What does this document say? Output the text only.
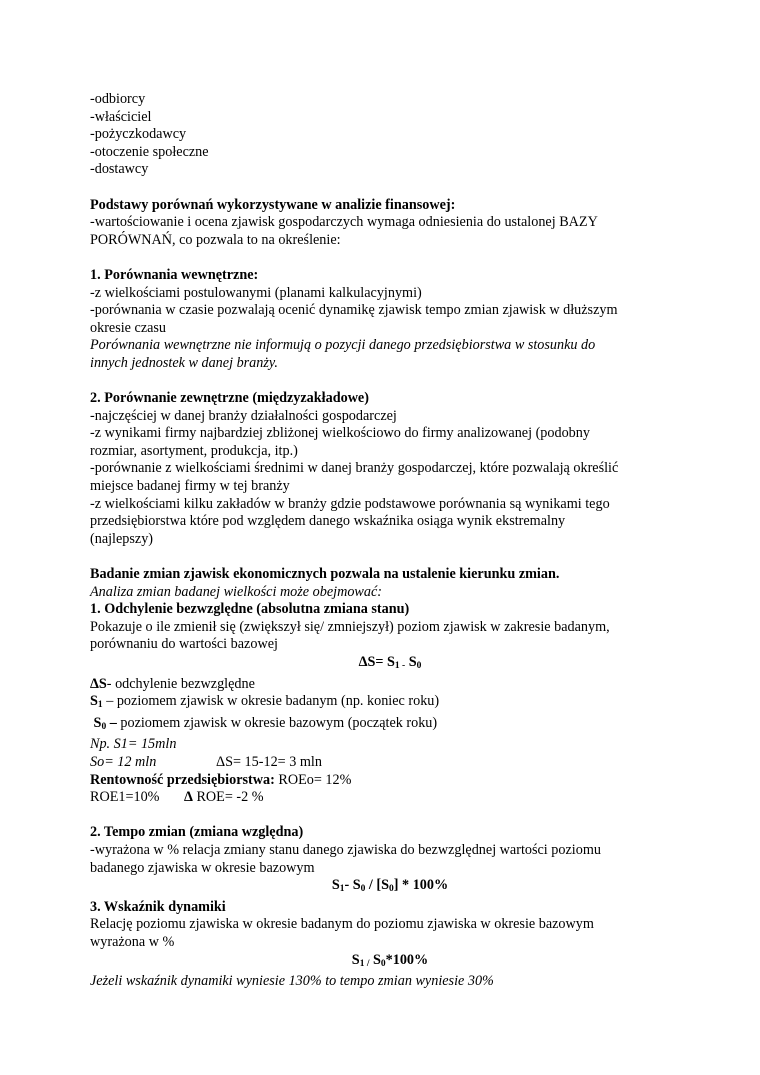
-odbiorcy
-właściciel
-pożyczkodawcy
-otoczenie społeczne
-dostawcy
Podstawy porównań wykorzystywane w analizie finansowej:
-wartościowanie i ocena zjawisk gospodarczych wymaga odniesienia do ustalonej BAZY
PORÓWNAŃ, co pozwala to na określenie:
1. Porównania wewnętrzne:
-z wielkościami postulowanymi (planami kalkulacyjnymi)
-porównania w czasie pozwalają ocenić dynamikę zjawisk tempo zmian zjawisk w dłuższym
okresie czasu
Porównania wewnętrzne nie informują o pozycji danego przedsiębiorstwa w stosunku do
innych jednostek w danej branży.
2. Porównanie zewnętrzne (międzyzakładowe)
-najczęściej w danej branży działalności gospodarczej
-z wynikami firmy najbardziej zbliżonej wielkościowo do firmy analizowanej (podobny
rozmiar, asortyment, produkcja, itp.)
-porównanie z wielkościami średnimi w danej branży gospodarczej, które pozwalają określić
miejsce badanej firmy w tej branży
-z wielkościami kilku zakładów w branży gdzie podstawowe porównania są wynikami tego
przedsiębiorstwa które pod względem danego wskaźnika osiąga wynik ekstremalny
(najlepszy)
Badanie zmian zjawisk ekonomicznych pozwala na ustalenie kierunku zmian.
Analiza zmian badanej wielkości może obejmować:
1. Odchylenie bezwzględne (absolutna zmiana stanu)
Pokazuje o ile zmienił się (zwiększył się/ zmniejszył) poziom zjawisk w zakresie badanym,
porównaniu do wartości bazowej
$\Delta S= S_{1 -}$ $S_0$
ΔS- odchylenie bezwzględne
$S_1$ – poziomem zjawisk w okresie badanym (np. koniec roku)
$S_0$ – poziomem zjawisk w okresie bazowym (początek roku)
Np. S1= 15mln
So= 12 mln	ΔS= 15-12= 3 mln
Rentowność przedsiębiorstwa: ROEo= 12%
ROE1=10% Δ ROE= -2 %
2. Tempo zmian (zmiana względna)
-wyrażona w % relacja zmiany stanu danego zjawiska do bezwzględnej wartości poziomu
badanego zjawiska w okresie bazowym
$S_1-$ $S_0 / [S_0] * 100\%$
3. Wskaźnik dynamiki
Relację poziomu zjawiska w okresie badanym do poziomu zjawiska w okresie bazowym
wyrażona w %
$S_{1 /}$ $S_0*100\%$
Jeżeli wskaźnik dynamiki wyniesie 130% to tempo zmian wyniesie 30%
